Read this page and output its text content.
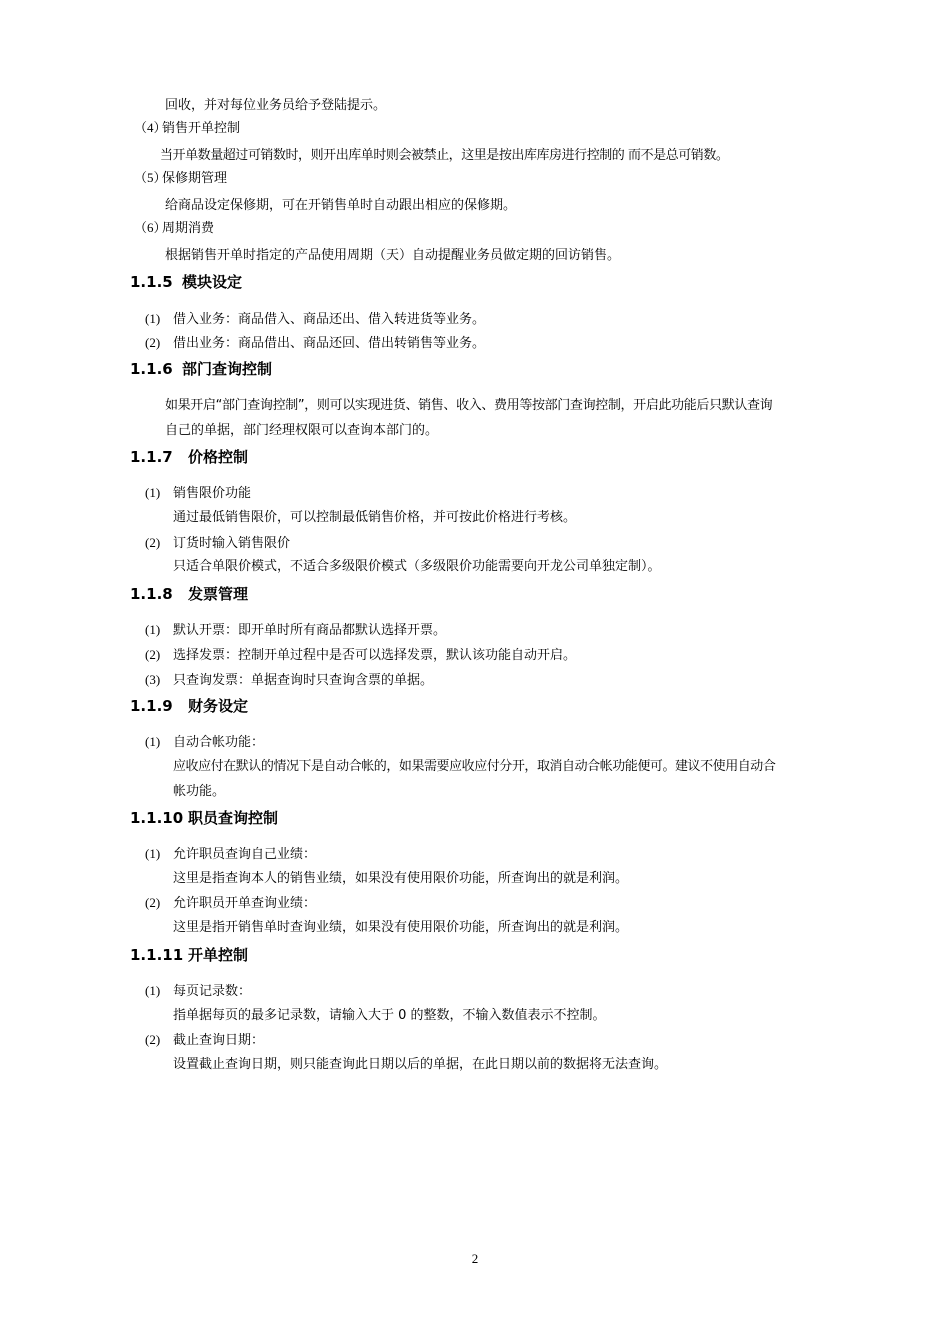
回收，并对每位业务员给予登陆提示。
（4）销售开单控制
当开单数量超过可销数时，则开出库单时则会被禁止，这里是按出库库房进行控制的 而不是总可销数。
（5）保修期管理
给商品设定保修期，可在开销售单时自动跟出相应的保修期。
（6）周期消费
根据销售开单时指定的产品使用周期（天）自动提醒业务员做定期的回访销售。
1.1.5 模块设定
(1) 借入业务：商品借入、商品还出、借入转进货等业务。
(2) 借出业务：商品借出、商品还回、借出转销售等业务。
1.1.6 部门查询控制
如果开启“部门查询控制”，则可以实现进货、销售、收入、费用等按部门查询控制，开启此功能后只默认查询
自己的单据，部门经理权限可以查询本部门的。
1.1.7 价格控制
(1) 销售限价功能
通过最低销售限价，可以控制最低销售价格，并可按此价格进行考核。
(2) 订货时输入销售限价
只适合单限价模式，不适合多级限价模式（多级限价功能需要向开龙公司单独定制）。
1.1.8 发票管理
(1) 默认开票：即开单时所有商品都默认选择开票。
(2) 选择发票：控制开单过程中是否可以选择发票，默认该功能自动开启。
(3) 只查询发票：单据查询时只查询含票的单据。
1.1.9 财务设定
(1) 自动合帐功能：
应收应付在默认的情况下是自动合帐的，如果需要应收应付分开，取消自动合帐功能便可。建议不使用自动合
帐功能。
1.1.10 职员查询控制
(1) 允许职员查询自己业绩：
这里是指查询本人的销售业绩，如果没有使用限价功能，所查询出的就是利润。
(2) 允许职员开单查询业绩：
这里是指开销售单时查询业绩，如果没有使用限价功能，所查询出的就是利润。
1.1.11 开单控制
(1) 每页记录数：
指单据每页的最多记录数，请输入大于 0 的整数，不输入数值表示不控制。
(2) 截止查询日期：
设置截止查询日期，则只能查询此日期以后的单据，在此日期以前的数据将无法查询。
2
